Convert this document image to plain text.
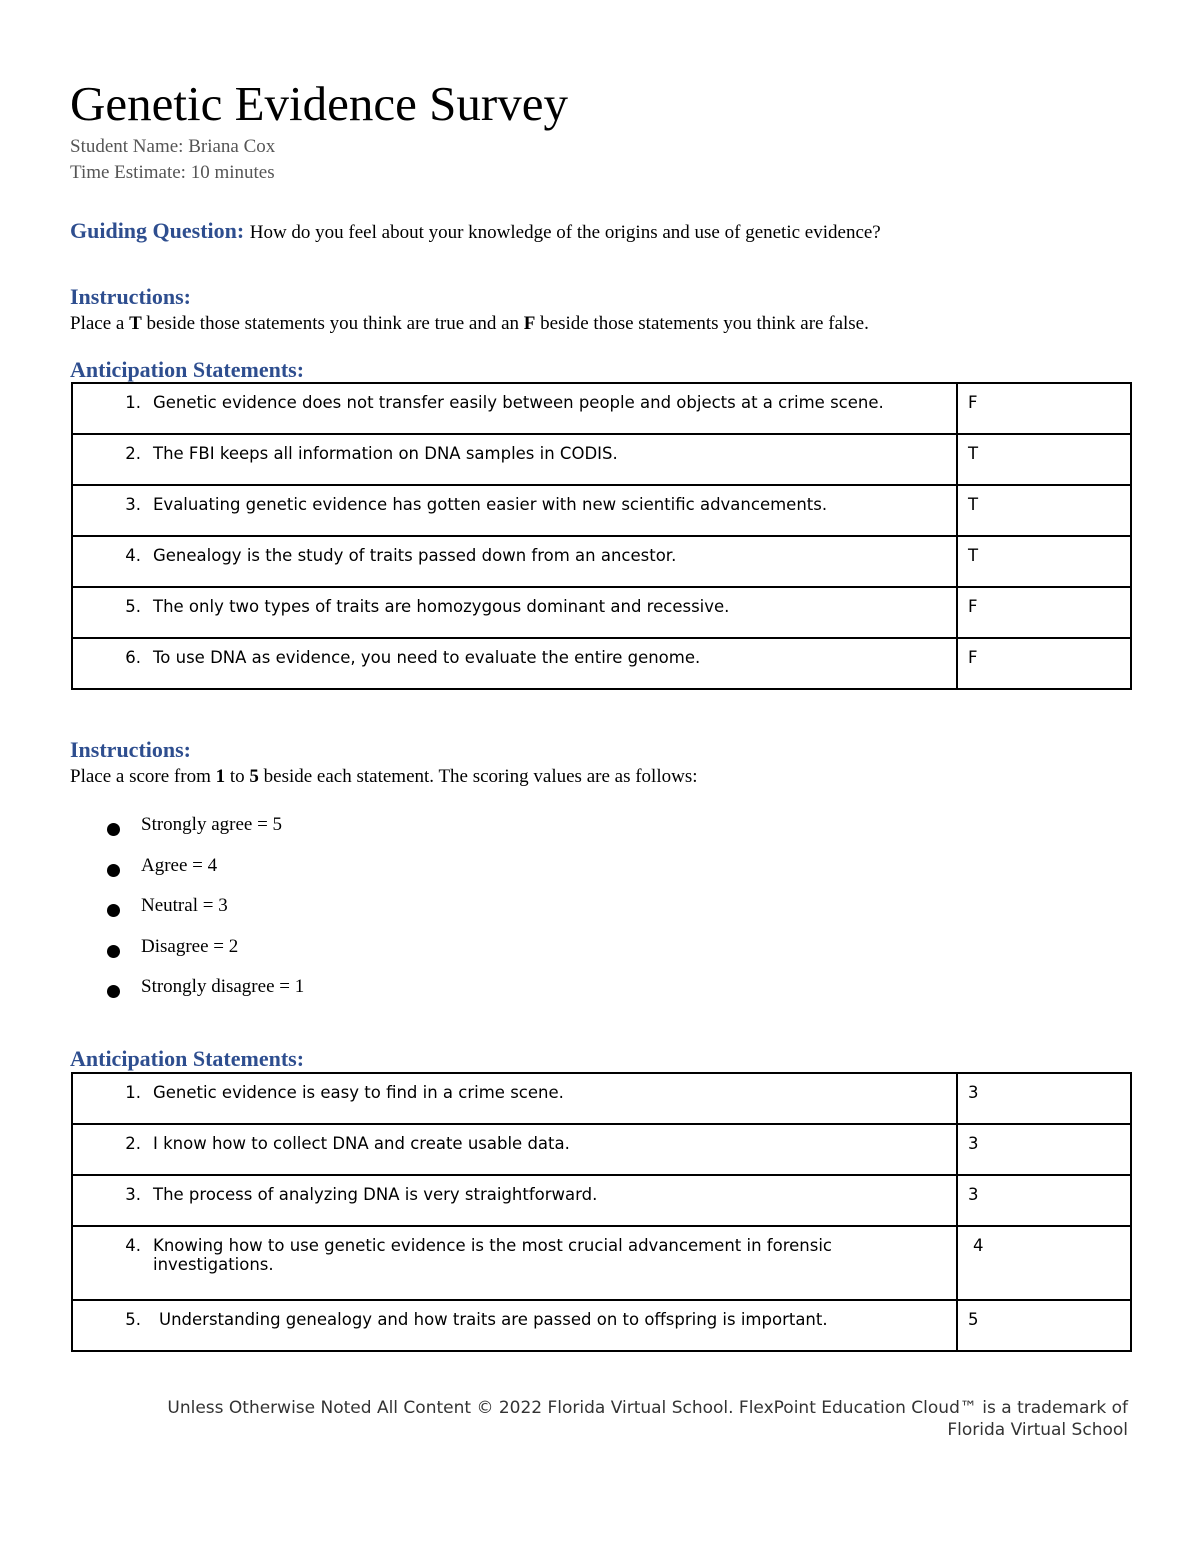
Genetic Evidence Survey
Student Name: Briana Cox
Time Estimate: 10 minutes
Guiding Question: How do you feel about your knowledge of the origins and use of genetic evidence?
Instructions:
Place a T beside those statements you think are true and an F beside those statements you think are false.
Anticipation Statements:
1. Genetic evidence does not transfer easily between people and objects at a crime scene.	F
2. The FBI keeps all information on DNA samples in CODIS.	T
3. Evaluating genetic evidence has gotten easier with new scientific advancements.	T
4. Genealogy is the study of traits passed down from an ancestor.	T
5. The only two types of traits are homozygous dominant and recessive.	F
6. To use DNA as evidence, you need to evaluate the entire genome.	F
Instructions:
Place a score from 1 to 5 beside each statement. The scoring values are as follows:
Strongly agree = 5
Agree = 4
Neutral = 3
Disagree = 2
Strongly disagree = 1
Anticipation Statements:
1. Genetic evidence is easy to find in a crime scene.	3
2. I know how to collect DNA and create usable data.	3
3. The process of analyzing DNA is very straightforward.	3
4. Knowing how to use genetic evidence is the most crucial advancement in forensic
investigations.	4
5. Understanding genealogy and how traits are passed on to offspring is important.	5
Unless Otherwise Noted All Content © 2022 Florida Virtual School. FlexPoint Education Cloud™ is a trademark of
Florida Virtual School
